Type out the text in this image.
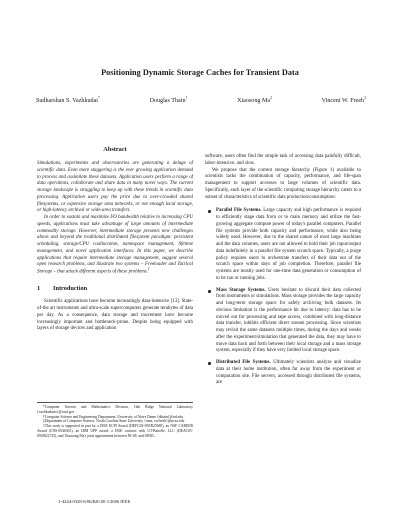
Positioning Dynamic Storage Caches for Transient Data
Sudharshan S. Vazhkudai*
Douglas Thain†
Xiaosong Ma‡
Vincent W. Freeh‡
Abstract

Simulations, experiments and observatories are generating a deluge of scientific data. Even more staggering is the ever growing application demand to process and assimilate these datasets. Application users perform a range of data operations, collaborate and share data in many novel ways. The current storage landscape is struggling to keep up with these trends in scientific data processing. Application users pay the price due to over-crowded shared filesystems, or expensive storage area networks, or not enough local storage, or high-latency archival or wide-area transfers.

In order to sustain and maximize I/O bandwidth relative to increasing CPU speeds, applications must take advantage of large amounts of intermediate commodity storage. However, intermediate storage presents new challenges above and beyond the traditional distributed filesystem paradigm: persistent scheduling, storage/CPU coallocation, namespace management, lifetime management, and novel application interfaces. In this paper, we describe applications that require intermediate storage management, suggest several open research problems, and illustrate two systems – Freeloader and Tactical Storage – that attack different aspects of these problems.$^1$

1 Introduction

Scientific applications have become increasingly data-intensive [13]. State-of-the art instruments and ultra-scale supercomputers generate terabytes of data per day. As a consequence, data storage and movement have become increasingly important and bottleneck-prone. Despite being equipped with layers of storage devices and application

*Computer Science and Mathematics Division, Oak Ridge National Laboratory {vazhkudaiss}@ornl.gov

†Computer Science and Engineering Department, University of Notre Dame {dthain}@nd.edu

‡Department of Computer Science, North Carolina State University {xma, vwfreeh}@ncsu.edu

1This work is supported in part by a DOE ECPI Award (DEFG02-05ER25685), an NSF CAREER Award (CNS-0546301), an IBM UPP award, a DOE contract with UT-Battelle, LLC (DEAC05-00OR22725), and Xiaosong Ma's joint appointment between NCSU and ORNL.

software, users often find the simple task of accessing data painfully difficult, labor-intensive, and slow.

We propose that the current storage hierarchy (Figure 1) available to scientists lacks the combination of capacity, performance, and life-span management to support accesses to large volumes of scientific data. Specifically, each layer of the scientific computing storage hierarchy caters to a subset of characteristics of scientific data production/consumption:

Parallel File Systems. Large capacity and high performance is required to efficiently stage data from or to main memory and utilize the fast-growing aggregate compute power of today's parallel computers. Parallel file systems provide both capacity and performance, while also being widely used. However, due to the shared nature of most large machines and the data volumes, users are not allowed to hold their job input/output data indefinitely in a parallel file system scratch space. Typically, a purge policy requires users to orchestrate transfers of their data out of the scratch space within days of job completion. Therefore, parallel file systems are mostly used for one-time data generation or consumption of to be run or running jobs.

Mass Storage Systems. Users hesitate to discard their data collected from instruments or simulations. Mass storage provides the large capacity and long-term storage space for safely archiving bulk datasets. Its obvious limitation is the performance hit due to latency: data has to be moved out for processing and tape access, combined with long-distance data transfer, inhibits efficient direct stream processing. Since scientists may revisit the same datasets multiple times, during the days and weeks after the experiment/simulation that generated the data, they may have to move data back and forth between their local storage and a mass storage system, especially if they have very limited local storage space.

Distributed File Systems. Ultimately scientists analyze and visualize data at their home institution, often far away from the experiment or computation site. File servers, accessed through distributed file systems, are

1-4244-0328-6/06/$20.00 ©2006 IEEE.
